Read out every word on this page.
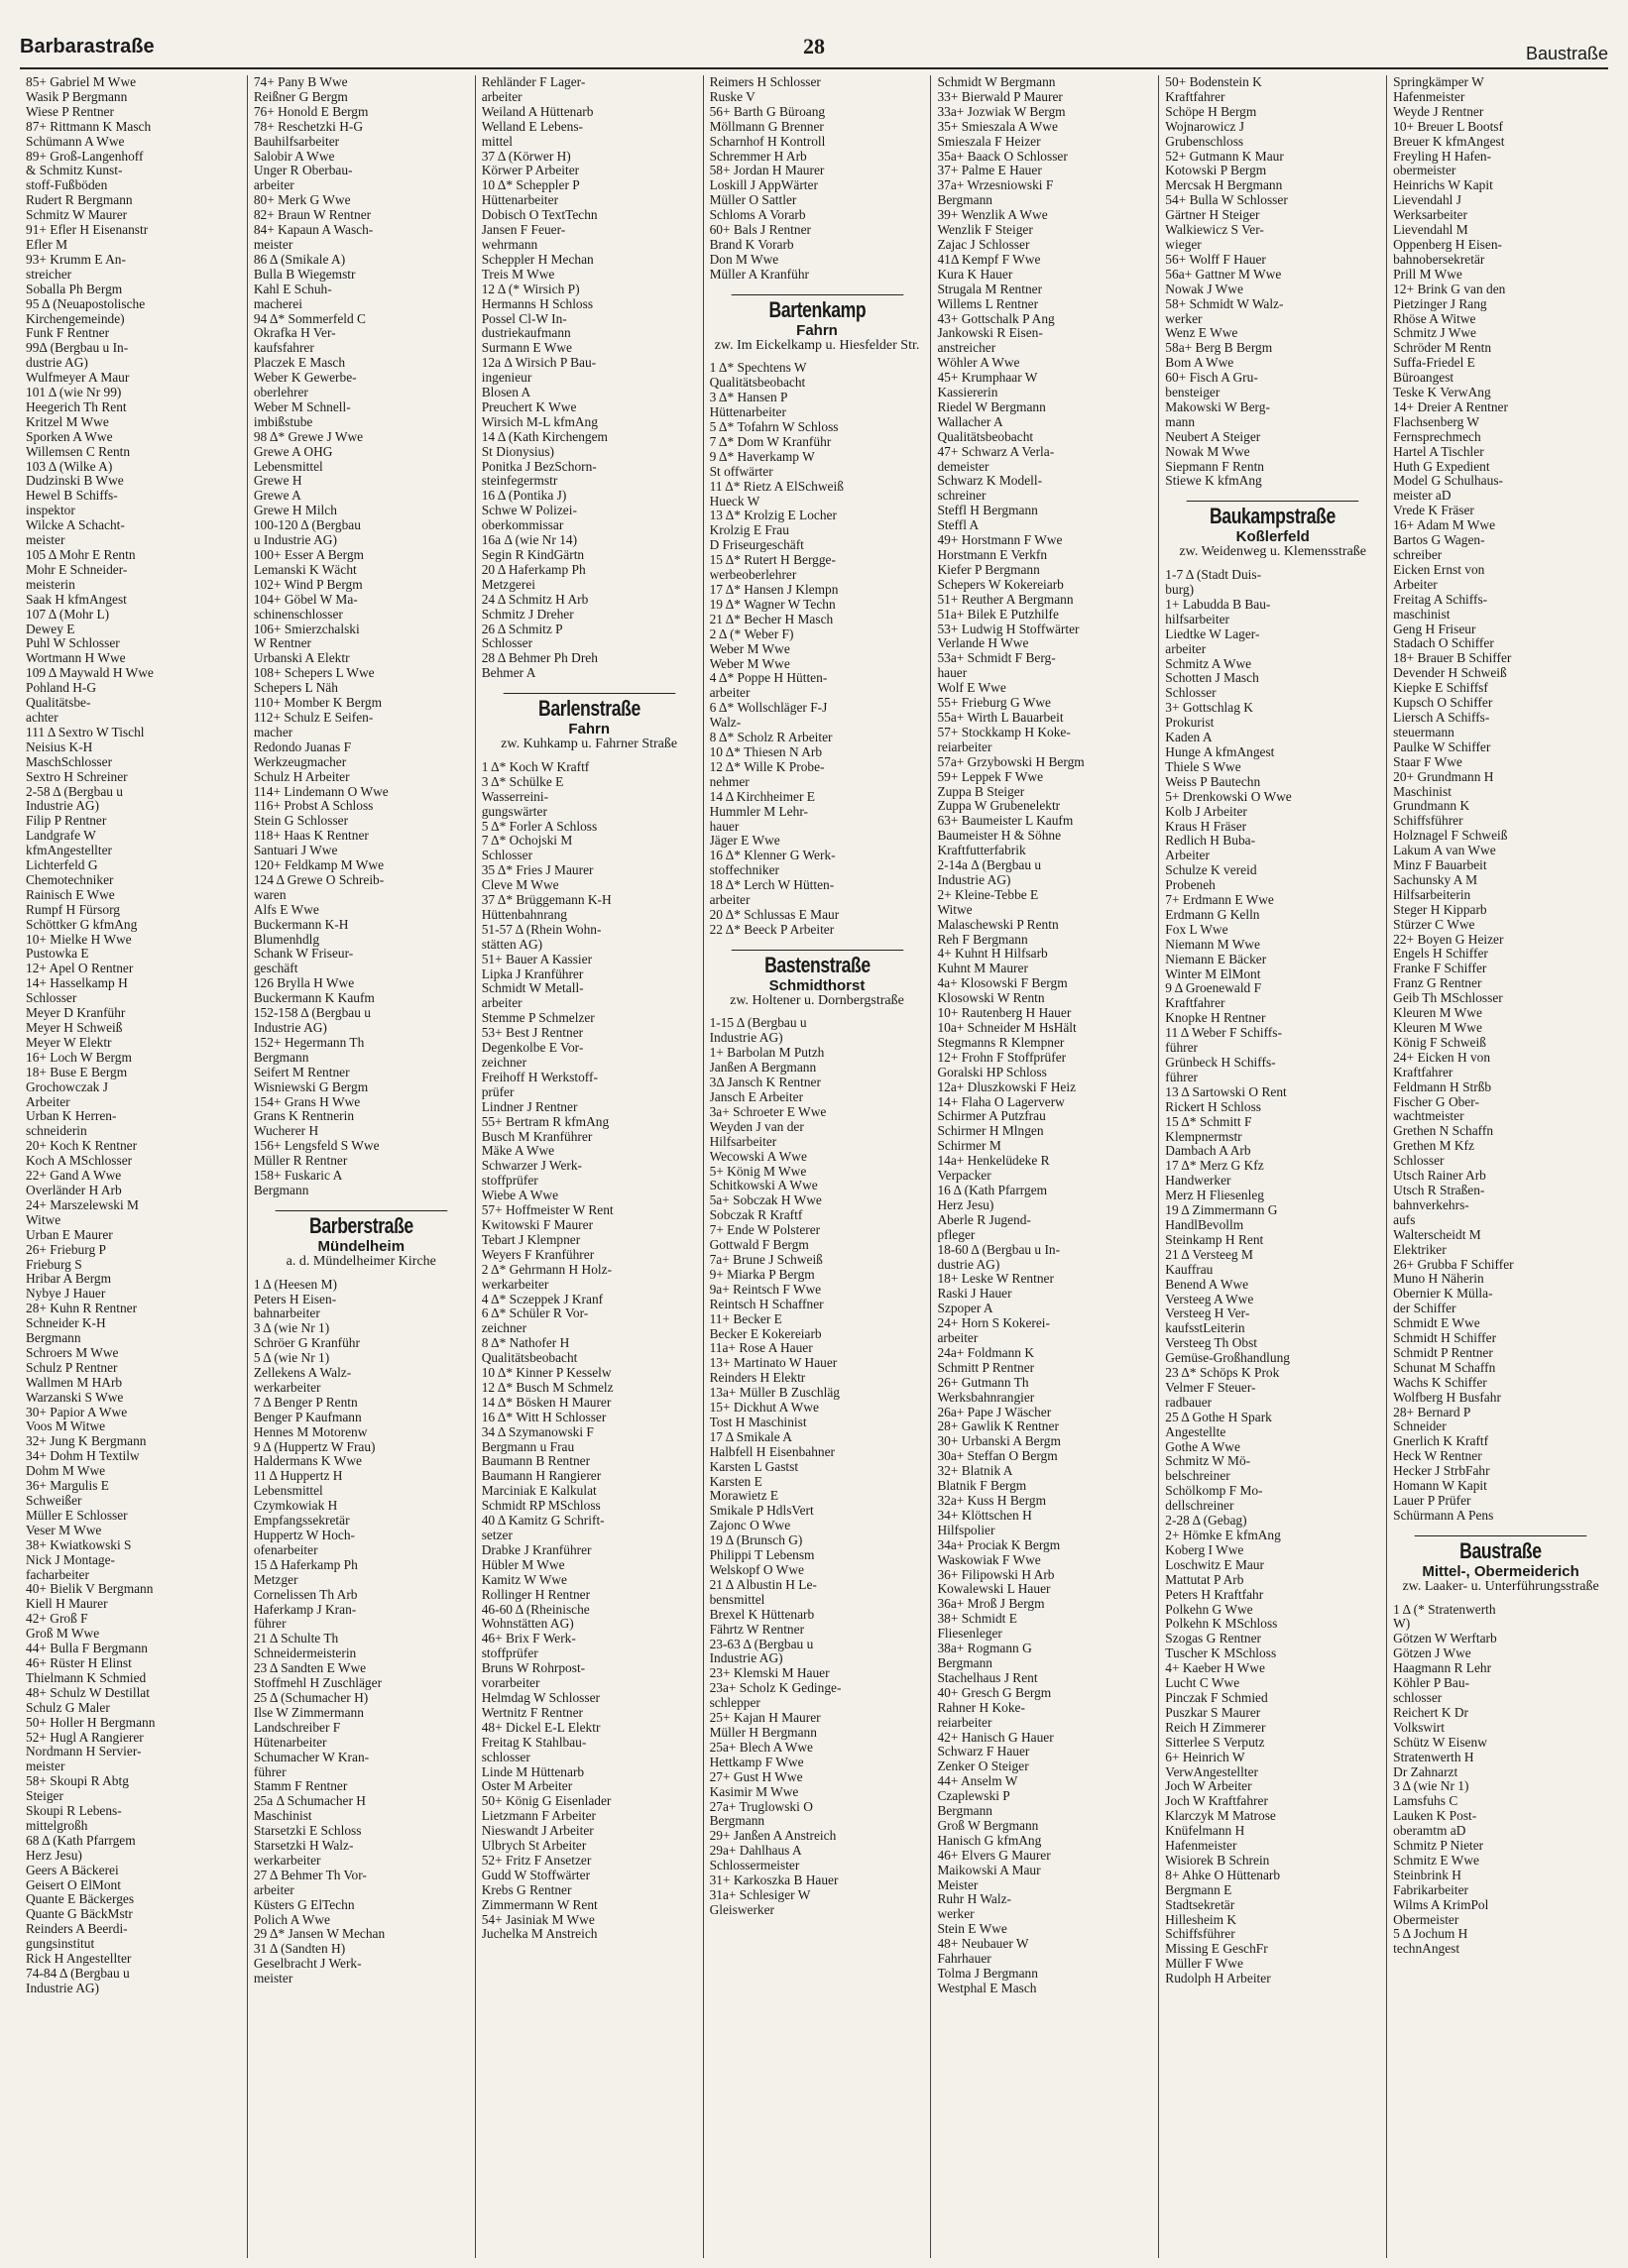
Barbarastraße	28	Baustraße
85+ Gabriel M Wwe
Wasik P Bergmann
Wiese P Rentner
87+ Rittmann K Masch
Schümann A Wwe
89+ Groß-Langenhoff
& Schmitz Kunst-
stoff-Fußböden
Rudert R Bergmann
Schmitz W Maurer
91+ Efler H Eisenanstr
Efler M
93+ Krumm E An-
streicher
Soballa Ph Bergm
95 Δ (Neuapostolische
Kirchengemeinde)
Funk F Rentner
99Δ (Bergbau u In-
dustrie AG)
Wulfmeyer A Maur
101 Δ (wie Nr 99)
Heegerich Th Rent
Kritzel M Wwe
Sporken A Wwe
Willemsen C Rentn
103 Δ (Wilke A)
Dudzinski B Wwe
Hewel B Schiffs-
inspektor
Wilcke A Schacht-
meister
105 Δ Mohr E Rentn
Mohr E Schneider-
meisterin
Saak H kfmAngest
107 Δ (Mohr L)
Dewey E
Puhl W Schlosser
Wortmann H Wwe
109 Δ Maywald H Wwe
Pohland H-G
Qualitätsbe-
achter
111 Δ Sextro W Tischl
Neisius K-H
MaschSchlosser
Sextro H Schreiner
2-58 Δ (Bergbau u
Industrie AG)
Filip P Rentner
Landgrafe W
kfmAngestellter
Lichterfeld G
Chemotechniker
Rainisch E Wwe
Rumpf H Fürsorg
Schöttker G kfmAng
10+ Mielke H Wwe
Pustowka E
12+ Apel O Rentner
14+ Hasselkamp H
Schlosser
Meyer D Kranführ
Meyer H Schweiß
Meyer W Elektr
16+ Loch W Bergm
18+ Buse E Bergm
Grochowczak J
Arbeiter
Urban K Herren-
schneiderin
20+ Koch K Rentner
Koch A MSchlosser
22+ Gand A Wwe
Overländer H Arb
24+ Marszelewski M
Witwe
Urban E Maurer
26+ Frieburg P
Frieburg S
Hribar A Bergm
Nybye J Hauer
28+ Kuhn R Rentner
Schneider K-H
Bergmann
Schroers M Wwe
Schulz P Rentner
Wallmen M HArb
Warzanski S Wwe
30+ Papior A Wwe
Voos M Witwe
32+ Jung K Bergmann
34+ Dohm H Textilw
Dohm M Wwe
36+ Margulis E
Schweißer
Müller E Schlosser
Veser M Wwe
38+ Kwiatkowski S
Nick J Montage-
facharbeiter
40+ Bielik V Bergmann
Kiell H Maurer
42+ Groß F
Groß M Wwe
44+ Bulla F Bergmann
46+ Rüster H Elinst
Thielmann K Schmied
48+ Schulz W Destillat
Schulz G Maler
50+ Holler H Bergmann
52+ Hugl A Rangierer
Nordmann H Servier-
meister
58+ Skoupi R Abtg
Steiger
Skoupi R Lebens-
mittelgroßh
68 Δ (Kath Pfarrgem
Herz Jesu)
Geers A Bäckerei
Geisert O ElMont
Quante E Bäckerges
Quante G BäckMstr
Reinders A Beerdi-
gungsinstitut
Rick H Angestellter
74-84 Δ (Bergbau u
Industrie AG)
74+ Pany B Wwe
Reißner G Bergm
76+ Honold E Bergm
78+ Reschetzki H-G
Bauhilfsarbeiter
Salobir A Wwe
Unger R Oberbau-
arbeiter
80+ Merk G Wwe
82+ Braun W Rentner
84+ Kapaun A Wasch-
meister
86 Δ (Smikale A)
Bulla B Wiegemstr
Kahl E Schuh-
macherei
94 Δ* Sommerfeld C
Okrafka H Ver-
kaufsfahrer
Placzek E Masch
Weber K Gewerbe-
oberlehrer
Weber M Schnell-
imbißstube
98 Δ* Grewe J Wwe
Grewe A OHG
Lebensmittel
Grewe H
Grewe A
Grewe H Milch
100-120 Δ (Bergbau
u Industrie AG)
100+ Esser A Bergm
Lemanski K Wächt
102+ Wind P Bergm
104+ Göbel W Ma-
schinenschlosser
106+ Smierzchalski
W Rentner
Urbanski A Elektr
108+ Schepers L Wwe
Schepers L Näh
110+ Momber K Bergm
112+ Schulz E Seifen-
macher
Redondo Juanas F
Werkzeugmacher
Schulz H Arbeiter
114+ Lindemann O Wwe
116+ Probst A Schloss
Stein G Schlosser
118+ Haas K Rentner
Santuari J Wwe
120+ Feldkamp M Wwe
124 Δ Grewe O Schreib-
waren
Alfs E Wwe
Buckermann K-H
Blumenhdlg
Schank W Friseur-
geschäft
126 Brylla H Wwe
Buckermann K Kaufm
152-158 Δ (Bergbau u
Industrie AG)
152+ Hegermann Th
Bergmann
Seifert M Rentner
Wisniewski G Bergm
154+ Grans H Wwe
Grans K Rentnerin
Wucherer H
156+ Lengsfeld S Wwe
Müller R Rentner
158+ Fuskaric A
Bergmann
Barberstraße
Mündelheim
a. d. Mündelheimer Kirche
1 Δ (Heesen M)
Peters H Eisen-
bahnarbeiter
3 Δ (wie Nr 1)
Schröer G Kranführ
5 Δ (wie Nr 1)
Zellekens A Walz-
werkarbeiter
7 Δ Benger P Rentn
Benger P Kaufmann
Hennes M Motorenw
9 Δ (Huppertz W Frau)
Haldermans K Wwe
11 Δ Huppertz H
Lebensmittel
Czymkowiak H
Empfangssekretär
Huppertz W Hoch-
ofenarbeiter
15 Δ Haferkamp Ph
Metzger
Cornelissen Th Arb
Haferkamp J Kran-
führer
21 Δ Schulte Th
Schneidermeisterin
23 Δ Sandten E Wwe
Stoffmehl H Zuschläger
25 Δ (Schumacher H)
Ilse W Zimmermann
Landschreiber F
Hütenarbeiter
Schumacher W Kran-
führer
Stamm F Rentner
25a Δ Schumacher H
Maschinist
Starsetzki E Schloss
Starsetzki H Walz-
werkarbeiter
27 Δ Behmer Th Vor-
arbeiter
Küsters G ElTechn
Polich A Wwe
29 Δ* Jansen W Mechan
31 Δ (Sandten H)
Geselbracht J Werk-
meister
Rehländer F Lager-
arbeiter
Weiland A Hüttenarb
Welland E Lebens-
mittel
37 Δ (Körwer H)
Körwer P Arbeiter
10 Δ* Scheppler P
Hüttenarbeiter
Dobisch O TextTechn
Jansen F Feuer-
wehrmann
Scheppler H Mechan
Treis M Wwe
12 Δ (* Wirsich P)
Hermanns H Schloss
Possel Cl-W In-
dustriekaufmann
Surmann E Wwe
12a Δ Wirsich P Bau-
ingenieur
Blosen A
Preuchert K Wwe
Wirsich M-L kfmAng
14 Δ (Kath Kirchengem
St Dionysius)
Ponitka J BezSchorn-
steinfegermstr
16 Δ (Pontika J)
Schwe W Polizei-
oberkommissar
16a Δ (wie Nr 14)
Segin R KindGärtn
20 Δ Haferkamp Ph
Metzgerei
24 Δ Schmitz H Arb
Schmitz J Dreher
26 Δ Schmitz P
Schlosser
28 Δ Behmer Ph Dreh
Behmer A
Barlenstraße
Fahrn
zw. Kuhkamp u. Fahrner Straße
1 Δ* Koch W Kraftf
3 Δ* Schülke E
Wasserreini-
gungswärter
5 Δ* Forler A Schloss
7 Δ* Ochojski M
Schlosser
35 Δ* Fries J Maurer
Cleve M Wwe
37 Δ* Brüggemann K-H
Hüttenbahnrang
51-57 Δ (Rhein Wohn-
stätten AG)
51+ Bauer A Kassier
Lipka J Kranführer
Schmidt W Metall-
arbeiter
Stemme P Schmelzer
53+ Best J Rentner
Degenkolbe E Vor-
zeichner
Freihoff H Werkstoff-
prüfer
Lindner J Rentner
55+ Bertram R kfmAng
Busch M Kranführer
Mäke A Wwe
Schwarzer J Werk-
stoffprüfer
Wiebe A Wwe
57+ Hoffmeister W Rent
Kwitowski F Maurer
Tebart J Klempner
Weyers F Kranführer
2 Δ* Gehrmann H Holz-
werkarbeiter
4 Δ* Sczeppek J Kranf
6 Δ* Schüler R Vor-
zeichner
8 Δ* Nathofer H
Qualitätsbeobacht
10 Δ* Kinner P Kesselw
12 Δ* Busch M Schmelz
14 Δ* Bösken H Maurer
16 Δ* Witt H Schlosser
34 Δ Szymanowski F
Bergmann u Frau
Baumann B Rentner
Baumann H Rangierer
Marciniak E Kalkulat
Schmidt RP MSchloss
40 Δ Kamitz G Schrift-
setzer
Drabke J Kranführer
Hübler M Wwe
Kamitz W Wwe
Rollinger H Rentner
46-60 Δ (Rheinische
Wohnstätten AG)
46+ Brix F Werk-
stoffprüfer
Bruns W Rohrpost-
vorarbeiter
Helmdag W Schlosser
Wertnitz F Rentner
48+ Dickel E-L Elektr
Freitag K Stahlbau-
schlosser
Linde M Hüttenarb
Oster M Arbeiter
50+ König G Eisenlader
Lietzmann F Arbeiter
Nieswandt J Arbeiter
Ulbrych St Arbeiter
52+ Fritz F Ansetzer
Gudd W Stoffwärter
Krebs G Rentner
Zimmermann W Rent
54+ Jasiniak M Wwe
Juchelka M Anstreich
Reimers H Schlosser
Ruske V
56+ Barth G Büroang
Möllmann G Brenner
Scharnhof H Kontroll
Schremmer H Arb
58+ Jordan H Maurer
Loskill J AppWärter
Müller O Sattler
Schloms A Vorarb
60+ Bals J Rentner
Brand K Vorarb
Don M Wwe
Müller A Kranführ
Bartenkamp
Fahrn
zw. Im Eickelkamp u. Hiesfelder Str.
1 Δ* Spechtens W
Qualitätsbeobacht
3 Δ* Hansen P
Hüttenarbeiter
5 Δ* Tofahrn W Schloss
7 Δ* Dom W Kranführ
9 Δ* Haverkamp W
St offwärter
11 Δ* Rietz A ElSchweiß
Hueck W
13 Δ* Krolzig E Locher
Krolzig E Frau
D Friseurgeschäft
15 Δ* Rutert H Bergge-
werbeoberlehrer
17 Δ* Hansen J Klempn
19 Δ* Wagner W Techn
21 Δ* Becher H Masch
2 Δ (* Weber F)
Weber M Wwe
Weber M Wwe
4 Δ* Poppe H Hütten-
arbeiter
6 Δ* Wollschläger F-J
Walz-
8 Δ* Scholz R Arbeiter
10 Δ* Thiesen N Arb
12 Δ* Wille K Probe-
nehmer
14 Δ Kirchheimer E
Hummler M Lehr-
hauer
Jäger E Wwe
16 Δ* Klenner G Werk-
stoffechniker
18 Δ* Lerch W Hütten-
arbeiter
20 Δ* Schlussas E Maur
22 Δ* Beeck P Arbeiter
Bastenstraße
Schmidthorst
zw. Holtener u. Dornbergstraße
1-15 Δ (Bergbau u
Industrie AG)
1+ Barbolan M Putzh
Janßen A Bergmann
3Δ Jansch K Rentner
Jansch E Arbeiter
3a+ Schroeter E Wwe
Weyden J van der
Hilfsarbeiter
Wecowski A Wwe
5+ König M Wwe
Schitkowski A Wwe
5a+ Sobczak H Wwe
Sobczak R Kraftf
7+ Ende W Polsterer
Gottwald F Bergm
7a+ Brune J Schweiß
9+ Miarka P Bergm
9a+ Reintsch F Wwe
Reintsch H Schaffner
11+ Becker E
Becker E Kokereiarb
11a+ Rose A Hauer
13+ Martinato W Hauer
Reinders H Elektr
13a+ Müller B Zuschläg
15+ Dickhut A Wwe
Tost H Maschinist
17 Δ Smikale A
Halbfell H Eisenbahner
Karsten L Gastst
Karsten E
Morawietz E
Smikale P HdlsVert
Zajonc O Wwe
19 Δ (Brunsch G)
Philippi T Lebensm
Welskopf O Wwe
21 Δ Albustin H Le-
bensmittel
Brexel K Hüttenarb
Fährtz W Rentner
23-63 Δ (Bergbau u
Industrie AG)
23+ Klemski M Hauer
23a+ Scholz K Gedinge-
schlepper
25+ Kajan H Maurer
Müller H Bergmann
25a+ Blech A Wwe
Hettkamp F Wwe
27+ Gust H Wwe
Kasimir M Wwe
27a+ Truglowski O
Bergmann
29+ Janßen A Anstreich
29a+ Dahlhaus A
Schlossermeister
31+ Karkoszka B Hauer
31a+ Schlesiger W
Gleiswerker
Schmidt W Bergmann
33+ Bierwald P Maurer
33a+ Jozwiak W Bergm
35+ Smieszala A Wwe
Smieszala F Heizer
35a+ Baack O Schlosser
37+ Palme E Hauer
37a+ Wrzesniowski F
Bergmann
39+ Wenzlik A Wwe
Wenzlik F Steiger
Zajac J Schlosser
41Δ Kempf F Wwe
Kura K Hauer
Strugala M Rentner
Willems L Rentner
43+ Gottschalk P Ang
Jankowski R Eisen-
anstreicher
Wöhler A Wwe
45+ Krumphaar W
Kassiererin
Riedel W Bergmann
Wallacher A
Qualitätsbeobacht
47+ Schwarz A Verla-
demeister
Schwarz K Modell-
schreiner
Steffl H Bergmann
Steffl A
49+ Horstmann F Wwe
Horstmann E Verkfn
Kiefer P Bergmann
Schepers W Kokereiarb
51+ Reuther A Bergmann
51a+ Bilek E Putzhilfe
53+ Ludwig H Stoffwärter
Verlande H Wwe
53a+ Schmidt F Berg-
hauer
Wolf E Wwe
55+ Frieburg G Wwe
55a+ Wirth L Bauarbeit
57+ Stockkamp H Koke-
reiarbeiter
57a+ Grzybowski H Bergm
59+ Leppek F Wwe
Zuppa B Steiger
Zuppa W Grubenelektr
63+ Baumeister L Kaufm
Baumeister H & Söhne
Kraftfutterfabrik
2-14a Δ (Bergbau u
Industrie AG)
2+ Kleine-Tebbe E
Witwe
Malaschewski P Rentn
Reh F Bergmann
4+ Kuhnt H Hilfsarb
Kuhnt M Maurer
4a+ Klosowski F Bergm
Klosowski W Rentn
10+ Rautenberg H Hauer
10a+ Schneider M HsHält
Stegmanns R Klempner
12+ Frohn F Stoffprüfer
Goralski HP Schloss
12a+ Dluszkowski F Heiz
14+ Flaha O Lagerverw
Schirmer A Putzfrau
Schirmer H Mlngen
Schirmer M
14a+ Henkelüdeke R
Verpacker
16 Δ (Kath Pfarrgem
Herz Jesu)
Aberle R Jugend-
pfleger
18-60 Δ (Bergbau u In-
dustrie AG)
18+ Leske W Rentner
Raski J Hauer
Szpoper A
24+ Horn S Kokerei-
arbeiter
24a+ Foldmann K
Schmitt P Rentner
26+ Gutmann Th
Werksbahnrangier
26a+ Pape J Wäscher
28+ Gawlik K Rentner
30+ Urbanski A Bergm
30a+ Steffan O Bergm
32+ Blatnik A
Blatnik F Bergm
32a+ Kuss H Bergm
34+ Klöttschen H
Hilfspolier
34a+ Prociak K Bergm
Waskowiak F Wwe
36+ Filipowski H Arb
Kowalewski L Hauer
36a+ Mroß J Bergm
38+ Schmidt E
Fliesenleger
38a+ Rogmann G
Bergmann
Stachelhaus J Rent
40+ Gresch G Bergm
Rahner H Koke-
reiarbeiter
42+ Hanisch G Hauer
Schwarz F Hauer
Zenker O Steiger
44+ Anselm W
Czaplewski P
Bergmann
Groß W Bergmann
Hanisch G kfmAng
46+ Elvers G Maurer
Maikowski A Maur
Meister
Ruhr H Walz-
werker
Stein E Wwe
48+ Neubauer W
Fahrhauer
Tolma J Bergmann
Westphal E Masch
50+ Bodenstein K
Kraftfahrer
Schöpe H Bergm
Wojnarowicz J
Grubenschloss
52+ Gutmann K Maur
Kotowski P Bergm
Mercsak H Bergmann
54+ Bulla W Schlosser
Gärtner H Steiger
Walkiewicz S Ver-
wieger
56+ Wolff F Hauer
56a+ Gattner M Wwe
Nowak J Wwe
58+ Schmidt W Walz-
werker
Wenz E Wwe
58a+ Berg B Bergm
Bom A Wwe
60+ Fisch A Gru-
bensteiger
Makowski W Berg-
mann
Neubert A Steiger
Nowak M Wwe
Siepmann F Rentn
Stiewe K kfmAng
Baukampstraße
Koßlerfeld
zw. Weidenweg u. Klemensstraße
1-7 Δ (Stadt Duis-
burg)
1+ Labudda B Bau-
hilfsarbeiter
Liedtke W Lager-
arbeiter
Schmitz A Wwe
Schotten J Masch
Schlosser
3+ Gottschlag K
Prokurist
Kaden A
Hunge A kfmAngest
Thiele S Wwe
Weiss P Bautechn
5+ Drenkowski O Wwe
Kolb J Arbeiter
Kraus H Fräser
Redlich H Buba-
Arbeiter
Schulze K vereid
Probeneh
7+ Erdmann E Wwe
Erdmann G Kelln
Fox L Wwe
Niemann M Wwe
Niemann E Bäcker
Winter M ElMont
9 Δ Groenewald F
Kraftfahrer
Knopke H Rentner
11 Δ Weber F Schiffs-
führer
Grünbeck H Schiffs-
führer
13 Δ Sartowski O Rent
Rickert H Schloss
15 Δ* Schmitt F
Klempnermstr
Dambach A Arb
17 Δ* Merz G Kfz
Handwerker
Merz H Fliesenleg
19 Δ Zimmermann G
HandlBevollm
Steinkamp H Rent
21 Δ Versteeg M
Kauffrau
Benend A Wwe
Versteeg A Wwe
Versteeg H Ver-
kaufsstLeiterin
Versteeg Th Obst
Gemüse-Großhandlung
23 Δ* Schöps K Prok
Velmer F Steuer-
radbauer
25 Δ Gothe H Spark
Angestellte
Gothe A Wwe
Schmitz W Mö-
belschreiner
Schölkomp F Mo-
dellschreiner
2-28 Δ (Gebag)
2+ Hömke E kfmAng
Koberg I Wwe
Loschwitz E Maur
Mattutat P Arb
Peters H Kraftfahr
Polkehn G Wwe
Polkehn K MSchloss
Szogas G Rentner
Tuscher K MSchloss
4+ Kaeber H Wwe
Lucht C Wwe
Pinczak F Schmied
Puszkar S Maurer
Reich H Zimmerer
Sitterlee S Verputz
6+ Heinrich W
VerwAngestellter
Joch W Arbeiter
Joch W Kraftfahrer
Klarczyk M Matrose
Knüfelmann H
Hafenmeister
Wisiorek B Schrein
8+ Ahke O Hüttenarb
Bergmann E
Stadtsekretär
Hillesheim K
Schiffsführer
Missing E GeschFr
Müller F Wwe
Rudolph H Arbeiter
Springkämper W
Hafenmeister
Weyde J Rentner
10+ Breuer L Bootsf
Breuer K kfmAngest
Freyling H Hafen-
obermeister
Heinrichs W Kapit
Lievendahl J
Werksarbeiter
Lievendahl M
Oppenberg H Eisen-
bahnobersekretär
Prill M Wwe
12+ Brink G van den
Pietzinger J Rang
Rhöse A Witwe
Schmitz J Wwe
Schröder M Rentn
Suffa-Friedel E
Büroangest
Teske K VerwAng
14+ Dreier A Rentner
Flachsenberg W
Fernsprechmech
Hartel A Tischler
Huth G Expedient
Model G Schulhaus-
meister aD
Vrede K Fräser
16+ Adam M Wwe
Bartos G Wagen-
schreiber
Eicken Ernst von
Arbeiter
Freitag A Schiffs-
maschinist
Geng H Friseur
Stadach O Schiffer
18+ Brauer B Schiffer
Devender H Schweiß
Kiepke E Schiffsf
Kupsch O Schiffer
Liersch A Schiffs-
steuermann
Paulke W Schiffer
Staar F Wwe
20+ Grundmann H
Maschinist
Grundmann K
Schiffsführer
Holznagel F Schweiß
Lakum A van Wwe
Minz F Bauarbeit
Sachunsky A M
Hilfsarbeiterin
Steger H Kipparb
Stürzer C Wwe
22+ Boyen G Heizer
Engels H Schiffer
Franke F Schiffer
Franz G Rentner
Geib Th MSchlosser
Kleuren M Wwe
Kleuren M Wwe
König F Schweiß
24+ Eicken H von
Kraftfahrer
Feldmann H Strßb
Fischer G Ober-
wachtmeister
Grethen N Schaffn
Grethen M Kfz
Schlosser
Utsch Rainer Arb
Utsch R Straßen-
bahnverkehrs-
aufs
Walterscheidt M
Elektriker
26+ Grubba F Schiffer
Muno H Näherin
Obernier K Mülla-
der Schiffer
Schmidt E Wwe
Schmidt H Schiffer
Schmidt P Rentner
Schunat M Schaffn
Wachs K Schiffer
Wolfberg H Busfahr
28+ Bernard P
Schneider
Gnerlich K Kraftf
Heck W Rentner
Hecker J StrbFahr
Homann W Kapit
Lauer P Prüfer
Schürmann A Pens
Baustraße
Mittel-, Obermeiderich
zw. Laaker- u. Unterführungsstraße
1 Δ (* Stratenwerth
W)
Götzen W Werftarb
Götzen J Wwe
Haagmann R Lehr
Köhler P Bau-
schlosser
Reichert K Dr
Volkswirt
Schütz W Eisenw
Stratenwerth H
Dr Zahnarzt
3 Δ (wie Nr 1)
Lamsfuhs C
Lauken K Post-
oberamtm aD
Schmitz P Nieter
Schmitz E Wwe
Steinbrink H
Fabrikarbeiter
Wilms A KrimPol
Obermeister
5 Δ Jochum H
technAngest
